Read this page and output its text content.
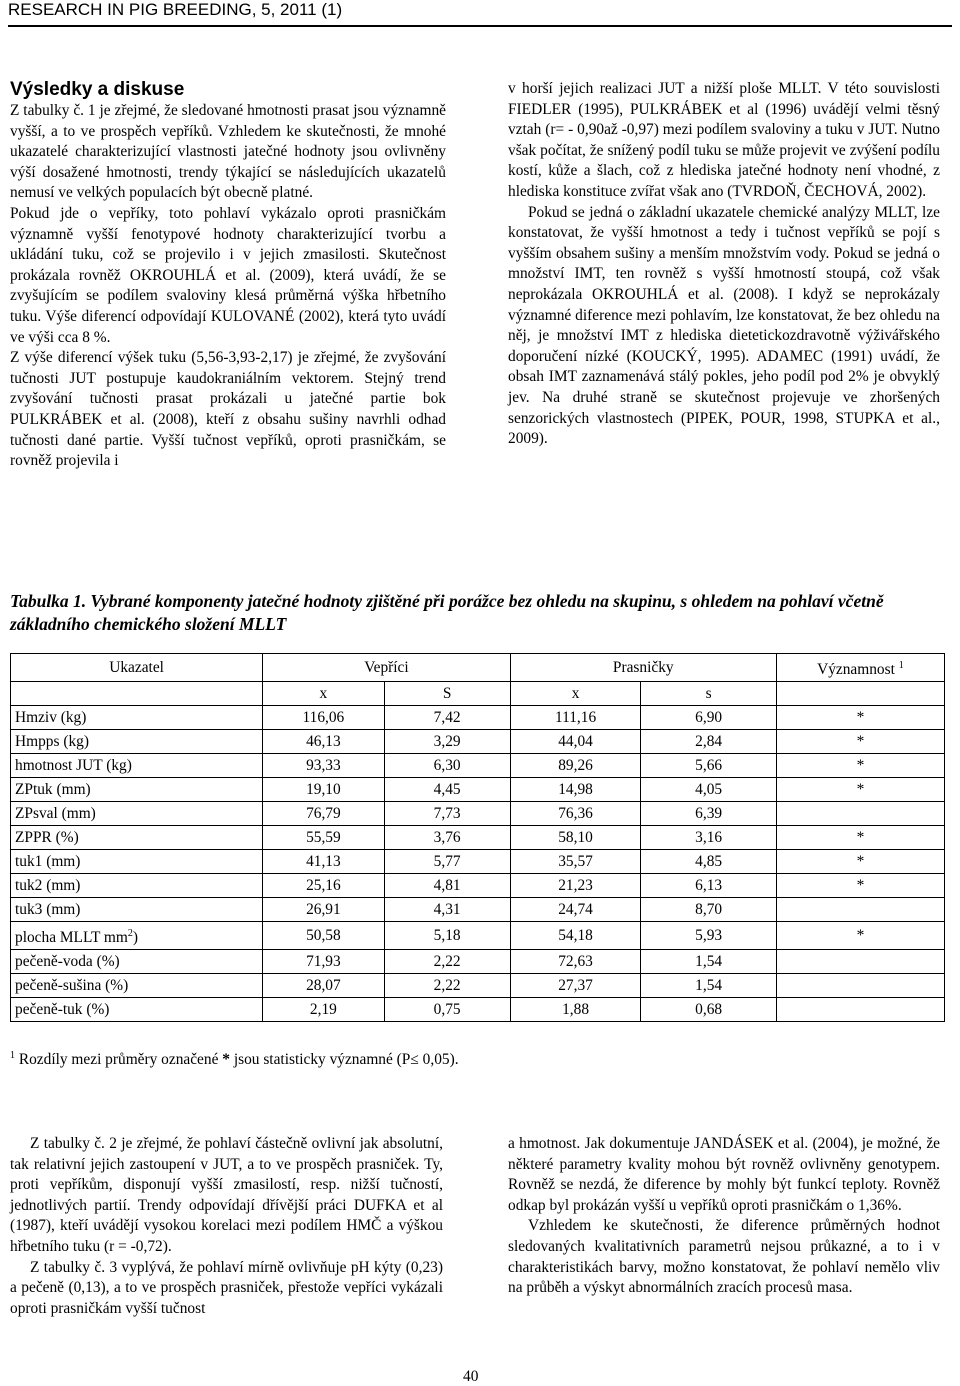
RESEARCH IN PIG BREEDING, 5, 2011 (1)
Výsledky a diskuse

Z tabulky č. 1 je zřejmé, že sledované hmotnosti prasat jsou významně vyšší, a to ve prospěch vepříků. Vzhledem ke skutečnosti, že mnohé ukazatelé charakterizující vlastnosti jatečné hodnoty jsou ovlivněny výší dosažené hmotnosti, trendy týkající se následujících ukazatelů nemusí ve velkých populacích být obecně platné.

Pokud jde o vepříky, toto pohlaví vykázalo oproti prasničkám významně vyšší fenotypové hodnoty charakterizující tvorbu a ukládání tuku, což se projevilo i v jejich zmasilosti. Skutečnost prokázala rovněž OKROUHLÁ et al. (2009), která uvádí, že se zvyšujícím se podílem svaloviny klesá průměrná výška hřbetního tuku. Výše diferencí odpovídají KULOVANÉ (2002), která tyto uvádí ve výši cca 8 %.

Z výše diferencí výšek tuku (5,56-3,93-2,17) je zřejmé, že zvyšování tučnosti JUT postupuje kaudokraniálním vektorem. Stejný trend zvyšování tučnosti prasat prokázali u jatečné partie bok PULKRÁBEK et al. (2008), kteří z obsahu sušiny navrhli odhad tučnosti dané partie. Vyšší tučnost vepříků, oproti prasničkám, se rovněž projevila i

v horší jejich realizaci JUT a nižší ploše MLLT. V této souvislosti FIEDLER (1995), PULKRÁBEK et al (1996) uvádějí velmi těsný vztah (r= - 0,90až -0,97) mezi podílem svaloviny a tuku v JUT. Nutno však počítat, že snížený podíl tuku se může projevit ve zvýšení podílu kostí, kůže a šlach, což z hlediska jatečné hodnoty není vhodné, z hlediska konstituce zvířat však ano (TVRDOŇ, ČECHOVÁ, 2002).

Pokud se jedná o základní ukazatele chemické analýzy MLLT, lze konstatovat, že vyšší hmotnost a tedy i tučnost vepříků se pojí s vyšším obsahem sušiny a menším množstvím vody. Pokud se jedná o množství IMT, ten rovněž s vyšší hmotností stoupá, což však neprokázala OKROUHLÁ et al. (2008). I když se neprokázaly významné diference mezi pohlavím, lze konstatovat, že bez ohledu na něj, je množství IMT z hlediska dietetickozdravotně výživářského doporučení nízké (KOUCKÝ, 1995). ADAMEC (1991) uvádí, že obsah IMT zaznamenává stálý pokles, jeho podíl pod 2% je obvyklý jev. Na druhé straně se skutečnost projevuje ve zhoršených senzorických vlastnostech (PIPEK, POUR, 1998, STUPKA et al., 2009).

Tabulka 1. Vybrané komponenty jatečné hodnoty zjištěné při porážce bez ohledu na skupinu, s ohledem na pohlaví včetně základního chemického složení MLLT
Ukazatel	Vepříci		Prasničky		Významnost $^1$
	x	S	x	s	
Hmziv (kg)	116,06	7,42	111,16	6,90	*
Hmpps (kg)	46,13	3,29	44,04	2,84	*
hmotnost JUT (kg)	93,33	6,30	89,26	5,66	*
ZPtuk (mm)	19,10	4,45	14,98	4,05	*
ZPsval (mm)	76,79	7,73	76,36	6,39	
ZPPR (%)	55,59	3,76	58,10	3,16	*
tuk1 (mm)	41,13	5,77	35,57	4,85	*
tuk2 (mm)	25,16	4,81	21,23	6,13	*
tuk3 (mm)	26,91	4,31	24,74	8,70	
plocha MLLT $mm^2$)	50,58	5,18	54,18	5,93	*
pečeně-voda (%)	71,93	2,22	72,63	1,54	
pečeně-sušina (%)	28,07	2,22	27,37	1,54	
pečeně-tuk (%)	2,19	0,75	1,88	0,68	
$^1$ Rozdíly mezi průměry označené * jsou statisticky významné (P≤ 0,05).

Z tabulky č. 2 je zřejmé, že pohlaví částečně ovlivní jak absolutní, tak relativní jejich zastoupení v JUT, a to ve prospěch prasniček. Ty, proti vepříkům, disponují vyšší zmasilostí, resp. nižší tučností, jednotlivých partií. Trendy odpovídají dřívější práci DUFKA et al (1987), kteří uvádějí vysokou korelaci mezi podílem HMČ a výškou hřbetního tuku (r = -0,72).

Z tabulky č. 3 vyplývá, že pohlaví mírně ovlivňuje pH kýty (0,23) a pečeně (0,13), a to ve prospěch prasniček, přestože vepříci vykázali oproti prasničkám vyšší tučnost

a hmotnost. Jak dokumentuje JANDÁSEK et al. (2004), je možné, že některé parametry kvality mohou být rovněž ovlivněny genotypem. Rovněž se nezdá, že diference by mohly být funkcí teploty. Rovněž odkap byl prokázán vyšší u vepříků oproti prasničkám o 1,36%.

Vzhledem ke skutečnosti, že diference průměrných hodnot sledovaných kvalitativních parametrů nejsou průkazné, a to i v charakteristikách barvy, možno konstatovat, že pohlaví nemělo vliv na průběh a výskyt abnormálních zracích procesů masa.

40
